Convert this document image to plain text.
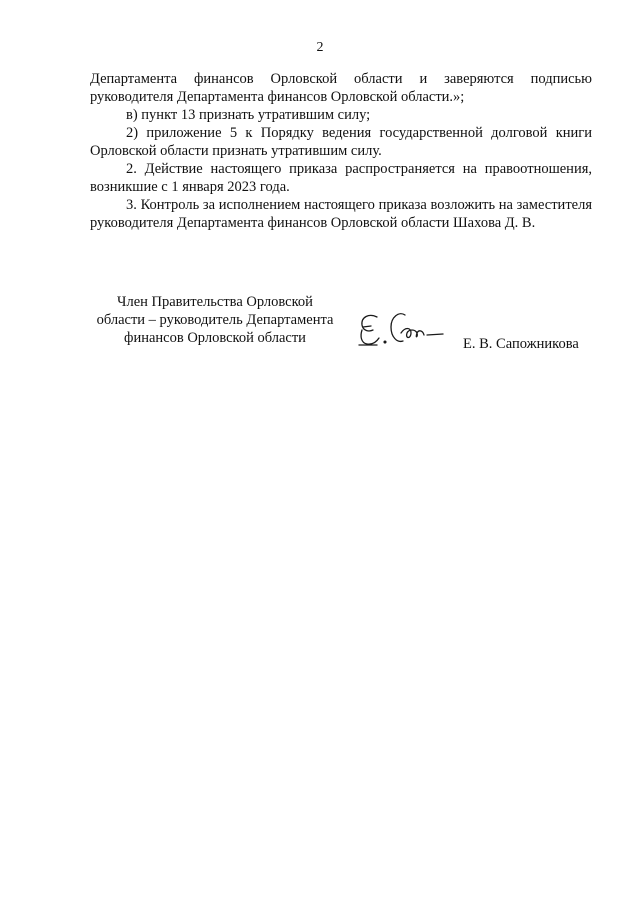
2

Департамента финансов Орловской области и заверяются подписью руководителя Департамента финансов Орловской области.»;

в) пункт 13 признать утратившим силу;

2) приложение 5 к Порядку ведения государственной долговой книги Орловской области признать утратившим силу.

2. Действие настоящего приказа распространяется на правоотношения, возникшие с 1 января 2023 года.

3. Контроль за исполнением настоящего приказа возложить на заместителя руководителя Департамента финансов Орловской области Шахова Д. В.

Член Правительства Орловской
области – руководитель Департамента
финансов Орловской области	Е. В. Сапожникова
